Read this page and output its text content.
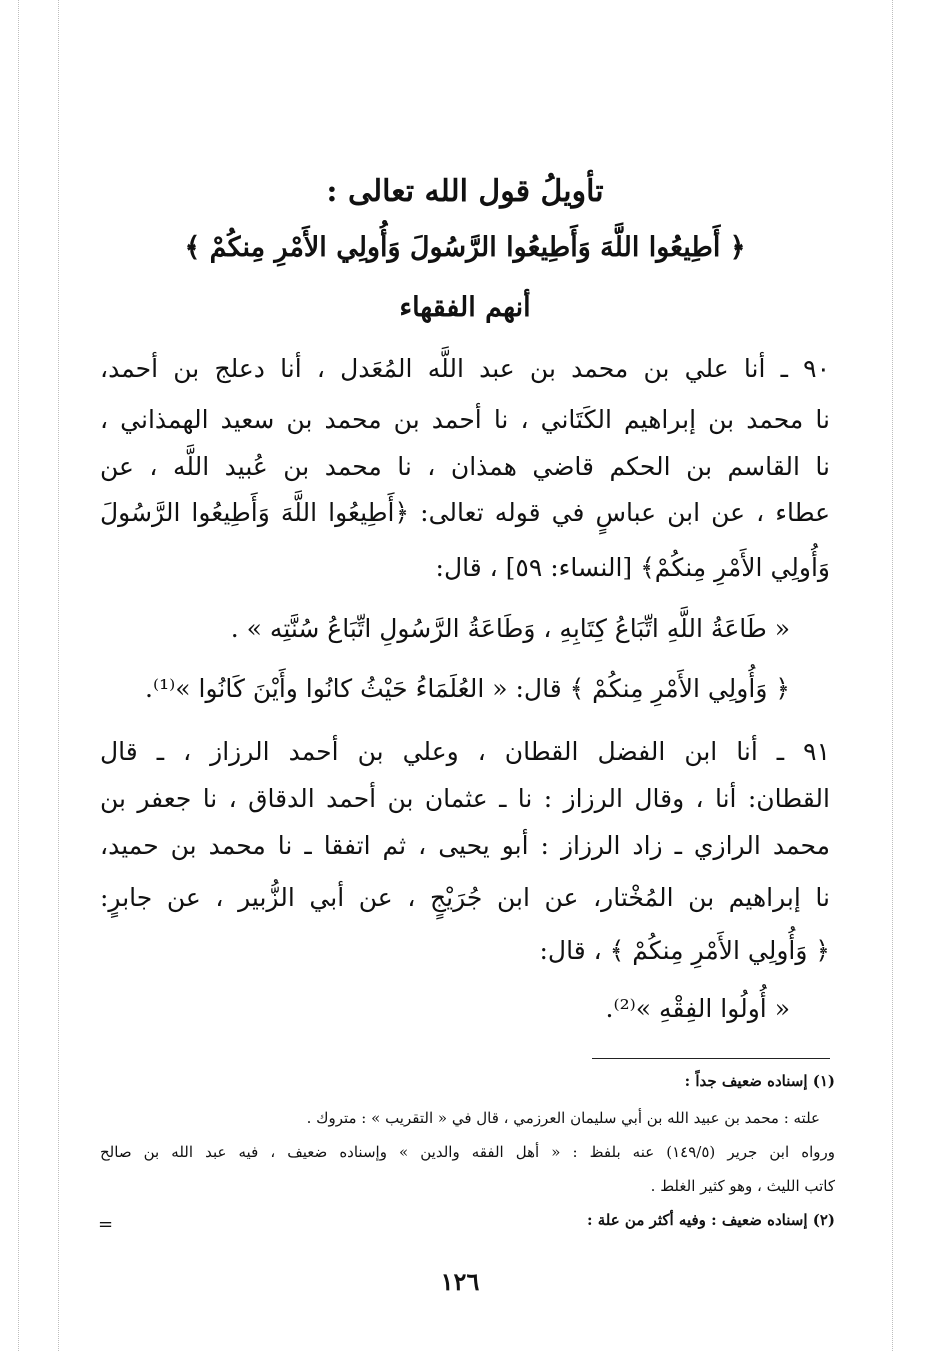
تأويلُ قول الله تعالى :
﴿ أَطِيعُوا اللَّهَ وَأَطِيعُوا الرَّسُولَ وَأُولِي الأَمْرِ مِنكُمْ ﴾
أنهم الفقهاء
٩٠ ـ أنا علي بن محمد بن عبد اللَّه المُعَدل ، أنا دعلج بن أحمد،
نا محمد بن إبراهيم الكَتَاني ، نا أحمد بن محمد بن سعيد الهمذاني ،
نا القاسم بن الحكم قاضي همذان ، نا محمد بن عُبيد اللَّه ، عن
عطاء ، عن ابن عباسٍ في قوله تعالى: ﴿أَطِيعُوا اللَّهَ وَأَطِيعُوا الرَّسُولَ
وَأُولِي الأَمْرِ مِنكُمْ﴾ [النساء: ٥٩] ، قال:
« طَاعَةُ اللَّهِ اتِّبَاعُ كِتَابِهِ ، وَطَاعَةُ الرَّسُولِ اتِّبَاعُ سُنَّتِه » .
﴿ وَأُولِي الأَمْرِ مِنكُمْ ﴾ قال: « العُلَمَاءُ حَيْثُ كانُوا وأَيْنَ كَانُوا »⁽¹⁾.
٩١ ـ أنا ابن الفضل القطان ، وعلي بن أحمد الرزاز ، ـ قال
القطان: أنا ، وقال الرزاز : نا ـ عثمان بن أحمد الدقاق ، نا جعفر بن
محمد الرازي ـ زاد الرزاز : أبو يحيى ، ثم اتفقا ـ نا محمد بن حميد،
نا إبراهيم بن المُخْتار، عن ابن جُرَيْجٍ ، عن أبي الزُّبير ، عن جابرٍ:
﴿ وَأُولِي الأَمْرِ مِنكُمْ ﴾ ، قال:
« أُولُوا الفِقْهِ »⁽²⁾.
(١) إسناده ضعيف جداً :
علته : محمد بن عبيد الله بن أبي سليمان العرزمي ، قال في « التقريب » : متروك .
ورواه ابن جرير (١٤٩/٥) عنه بلفظ : « أهل الفقه والدين » وإسناده ضعيف ، فيه عبد الله بن صالح
كاتب الليث ، وهو كثير الغلط .
(٢) إسناده ضعيف : وفيه أكثر من علة :
=
١٢٦
